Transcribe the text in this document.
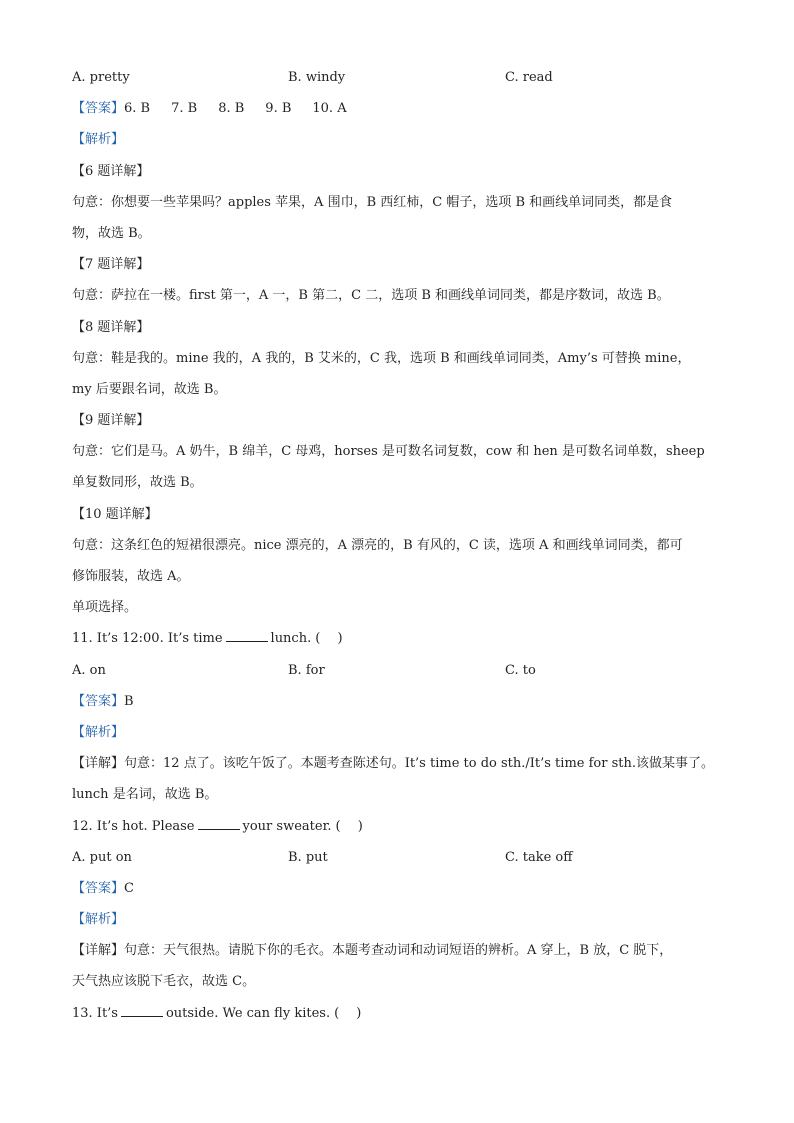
A. pretty	B. windy	C. read
【答案】6. B 7. B 8. B 9. B 10. A
【解析】
【6 题详解】
句意：你想要一些苹果吗？apples 苹果，A 围巾，B 西红柿，C 帽子，选项 B 和画线单词同类，都是食
物，故选 B。
【7 题详解】
句意：萨拉在一楼。first 第一，A 一，B 第二，C 二，选项 B 和画线单词同类，都是序数词，故选 B。
【8 题详解】
句意：鞋是我的。mine 我的，A 我的，B 艾米的，C 我，选项 B 和画线单词同类，Amy’s 可替换 mine，
my 后要跟名词，故选 B。
【9 题详解】
句意：它们是马。A 奶牛，B 绵羊，C 母鸡，horses 是可数名词复数，cow 和 hen 是可数名词单数，sheep
单复数同形，故选 B。
【10 题详解】
句意：这条红色的短裙很漂亮。nice 漂亮的，A 漂亮的，B 有风的，C 读，选项 A 和画线单词同类，都可
修饰服装，故选 A。
单项选择。
11. It’s 12:00. It’s time	lunch. (　 )
A. on	B. for	C. to
【答案】B
【解析】
【详解】句意：12 点了。该吃午饭了。本题考查陈述句。It’s time to do sth./It’s time for sth.该做某事了。
lunch 是名词，故选 B。
12. It’s hot. Please	your sweater. (　 )
A. put on	B. put	C. take off
【答案】C
【解析】
【详解】句意：天气很热。请脱下你的毛衣。本题考查动词和动词短语的辨析。A 穿上，B 放，C 脱下，
天气热应该脱下毛衣，故选 C。
13. It’s	outside. We can fly kites. (　 )
